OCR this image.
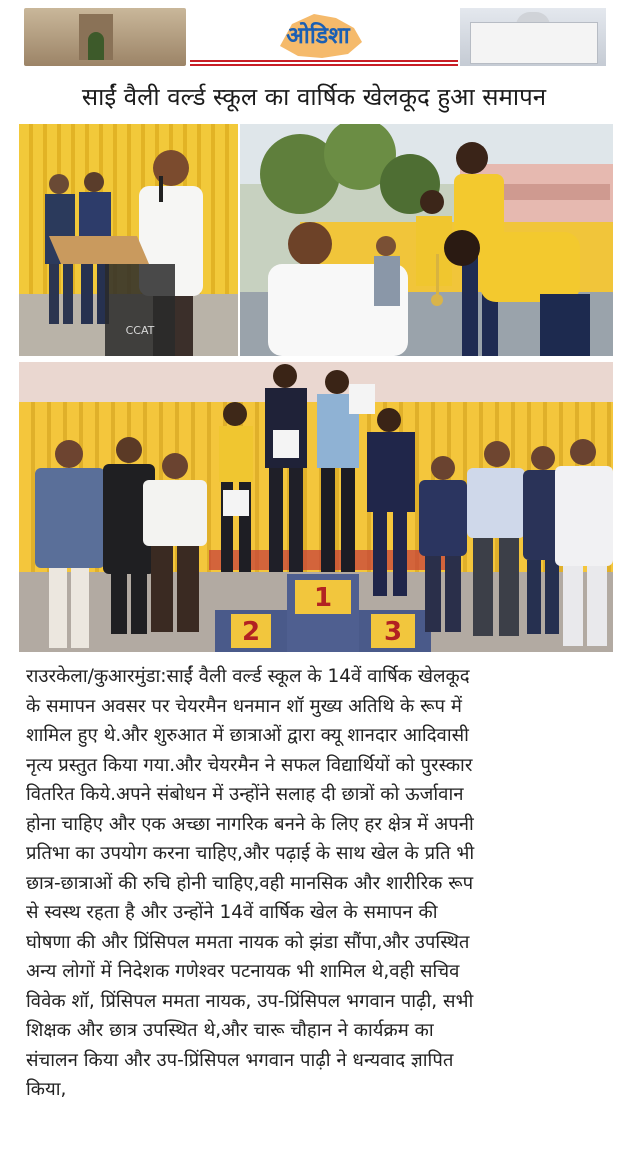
ओडिशा
साईं वैली वर्ल्ड स्कूल का वार्षिक खेलकूद हुआ समापन
CCAT
1
2	3
राउरकेला/कुआरमुंडा:साईं वैली वर्ल्ड स्कूल के 14वें वार्षिक खेलकूद
के समापन अवसर पर चेयरमैन धनमान शॉ मुख्य अतिथि के रूप में
शामिल हुए थे.और शुरुआत में छात्राओं द्वारा क्यू शानदार आदिवासी
नृत्य प्रस्तुत किया गया.और चेयरमैन ने सफल विद्यार्थियों को पुरस्कार
वितरित किये.अपने संबोधन में उन्होंने सलाह दी छात्रों को ऊर्जावान
होना चाहिए और एक अच्छा नागरिक बनने के लिए हर क्षेत्र में अपनी
प्रतिभा का उपयोग करना चाहिए,और पढ़ाई के साथ खेल के प्रति भी
छात्र-छात्राओं की रुचि होनी चाहिए,वही मानसिक और शारीरिक रूप
से स्वस्थ रहता है और उन्होंने 14वें वार्षिक खेल के समापन की
घोषणा की और प्रिंसिपल ममता नायक को झंडा सौंपा,और उपस्थित
अन्य लोगों में निदेशक गणेश्वर पटनायक भी शामिल थे,वही सचिव
विवेक शॉ, प्रिंसिपल ममता नायक, उप-प्रिंसिपल भगवान पाढ़ी, सभी
शिक्षक और छात्र उपस्थित थे,और चारू चौहान ने कार्यक्रम का
संचालन किया और उप-प्रिंसिपल भगवान पाढ़ी ने धन्यवाद ज्ञापित
किया,
